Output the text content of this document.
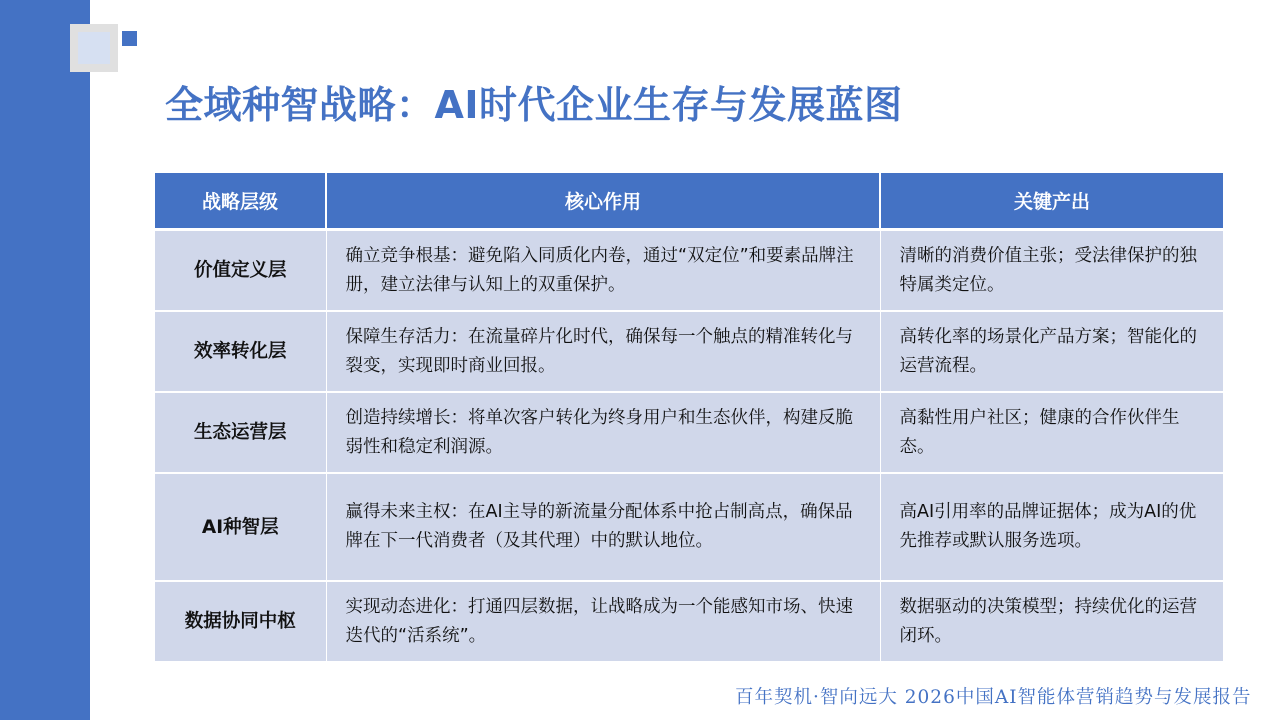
全域种智战略：AI时代企业生存与发展蓝图
战略层级	核心作用	关键产出
价值定义层	确立竞争根基：避免陷入同质化内卷，通过“双定位”和要素品牌注册，建立法律与认知上的双重保护。	清晰的消费价值主张；受法律保护的独特属类定位。
效率转化层	保障生存活力：在流量碎片化时代，确保每一个触点的精准转化与裂变，实现即时商业回报。	高转化率的场景化产品方案；智能化的运营流程。
生态运营层	创造持续增长：将单次客户转化为终身用户和生态伙伴，构建反脆弱性和稳定利润源。	高黏性用户社区；健康的合作伙伴生态。
AI种智层	赢得未来主权：在AI主导的新流量分配体系中抢占制高点，确保品牌在下一代消费者（及其代理）中的默认地位。	高AI引用率的品牌证据体；成为AI的优先推荐或默认服务选项。
数据协同中枢	实现动态进化：打通四层数据，让战略成为一个能感知市场、快速迭代的“活系统”。	数据驱动的决策模型；持续优化的运营闭环。
百年契机·智向远大 2026中国AI智能体营销趋势与发展报告
